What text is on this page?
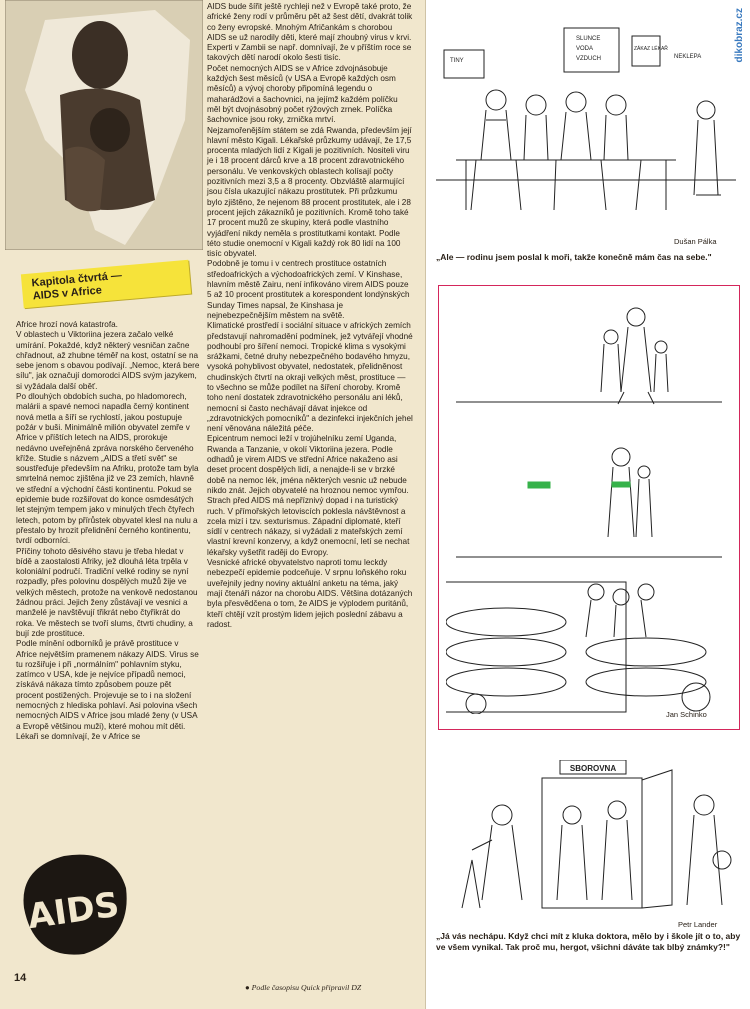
Kapitola čtvrtá —
AIDS v Africe
Africe hrozí nová katastrofa.
V oblastech u Viktoriina jezera začalo velké umírání. Pokaždé, když některý vesničan začne chřadnout, až zhubne téměř na kost, ostatní se na sebe jenom s obavou podívají. „Nemoc, která bere sílu", jak označují domorodci AIDS svým jazykem, si vyžádala další oběť.
Po dlouhých obdobích sucha, po hladomorech, malárii a spavé nemoci napadla černý kontinent nová metla a šíří se rychlostí, jakou postupuje požár v buši. Minimálně milión obyvatel zemře v Africe v příštích letech na AIDS, prorokuje nedávno uveřejněná zpráva norského červeného kříže. Studie s názvem „AIDS a třetí svět" se soustřeďuje především na Afriku, protože tam byla smrtelná nemoc zjištěna již ve 23 zemích, hlavně ve střední a východní části kontinentu. Pokud se epidemie bude rozšiřovat do konce osmdesátých let stejným tempem jako v minulých třech čtyřech letech, potom by přírůstek obyvatel klesl na nulu a přestalo by hrozit přelidnění černého kontinentu, tvrdí odborníci.
Příčiny tohoto děsivého stavu je třeba hledat v bídě a zaostalosti Afriky, jež dlouhá léta trpěla v koloniální područí. Tradiční velké rodiny se nyní rozpadly, přes polovinu dospělých mužů žije ve velkých městech, protože na venkově nedostanou žádnou práci. Jejich ženy zůstávají ve vesnici a manželé je navštěvují třikrát nebo čtyřikrát do roka. Ve městech se tvoří slums, čtvrti chudiny, a bují zde prostituce.
Podle mínění odborníků je právě prostituce v Africe největším pramenem nákazy AIDS. Virus se tu rozšiřuje i při „normálním" pohlavním styku, zatímco v USA, kde je nejvíce případů nemoci, získává nákaza tímto způsobem pouze pět procent postižených. Projevuje se to i na složení nemocných z hlediska pohlaví. Asi polovina všech nemocných AIDS v Africe jsou mladé ženy (v USA a Evropě většinou muži), které mohou mít děti. Lékaři se domnívají, že v Africe se
AIDS bude šířit ještě rychleji než v Evropě také proto, že africké ženy rodí v průměru pět až šest dětí, dvakrát tolik co ženy evropské. Mnohým Afričankám s chorobou AIDS se už narodily děti, které mají zhoubný virus v krvi. Experti v Zambii se např. domnívají, že v příštím roce se takových dětí narodí okolo šesti tisíc.
Počet nemocných AIDS se v Africe zdvojnásobuje každých šest měsíců (v USA a Evropě každých osm měsíců) a vývoj choroby připomíná legendu o maharádžovi a šachovnici, na jejímž každém políčku měl být dvojnásobný počet rýžových zrnek. Políčka šachovnice jsou roky, zrnička mrtví.
Nejzamořenějším státem se zdá Rwanda, především její hlavní město Kigali. Lékařské průzkumy udávají, že 17,5 procenta mladých lidí z Kigali je pozitivních. Nositeli viru je i 18 procent dárců krve a 18 procent zdravotnického personálu. Ve venkovských oblastech kolísají počty pozitivních mezi 3,5 a 8 procenty. Obzvláště alarmující jsou čísla ukazující nákazu prostitutek. Při průzkumu bylo zjištěno, že nejenom 88 procent prostitutek, ale i 28 procent jejich zákazníků je pozitivních. Kromě toho také 17 procent mužů ze skupiny, která podle vlastního vyjádření nikdy neměla s prostitutkami kontakt. Podle této studie onemocní v Kigali každý rok 80 lidí na 100 tisíc obyvatel.
Podobně je tomu i v centrech prostituce ostatních středoafrických a východoafrických zemí. V Kinshase, hlavním městě Zairu, není infikováno virem AIDS pouze 5 až 10 procent prostitutek a korespondent londýnských Sunday Times napsal, že Kinshasa je nejnebezpečnějším městem na světě.
Klimatické prostředí i sociální situace v afrických zemích představují nahromadění podmínek, jež vytvářejí vhodné podhoubí pro šíření nemoci. Tropické klima s vysokými srážkami, četné druhy nebezpečného bodavého hmyzu, vysoká pohyblivost obyvatel, nedostatek, přelidněnost chudinských čtvrtí na okraji velkých měst, prostituce — to všechno se může podílet na šíření choroby. Kromě toho není dostatek zdravotnického personálu ani léků, nemocní si často nechávají dávat injekce od „zdravotnických pomocníků" a dezinfekci injekčních jehel není věnována náležitá péče.
Epicentrum nemoci leží v trojúhelníku zemí Uganda, Rwanda a Tanzanie, v okolí Viktoriina jezera. Podle odhadů je virem AIDS ve střední Africe nakaženo asi deset procent dospělých lidí, a nenajde-li se v brzké době na nemoc lék, jména některých vesnic už nebude nikdo znát. Jejich obyvatelé na hroznou nemoc vymřou.
Strach před AIDS má nepříznivý dopad i na turistický ruch. V přímořských letoviscích poklesla návštěvnost a zcela mizí i tzv. sexturismus. Západní diplomaté, kteří sídlí v centrech nákazy, si vyžádali z mateřských zemí vlastní krevní konzervy, a když onemocní, letí se nechat lékařsky vyšetřit raději do Evropy.
Vesnické africké obyvatelstvo naproti tomu leckdy nebezpečí epidemie podceňuje. V srpnu loňského roku uveřejnily jedny noviny aktuální anketu na téma, jaký mají čtenáři názor na chorobu AIDS. Většina dotázaných byla přesvědčena o tom, že AIDS je výplodem puritánů, kteří chtějí vzít prostým lidem jejich poslední zábavu a radost.
AIDS
14
● Podle časopisu Quick připravil DZ
TINY
SLUNCE
VODA
VZDUCH
ZÁKAZ LÉKAŘ
NEKLEPA
Dušan Pálka
„Ale — rodinu jsem poslal k moři, takže konečně mám čas na sebe."
Jan Schinko
SBOROVNA
Petr Lander
„Já vás nechápu. Když chci mít z kluka doktora, mělo by i škole jít o to, aby ve všem vynikal. Tak proč mu, hergot, všichni dáváte tak blbý známky?!"
dikobraz.cz
